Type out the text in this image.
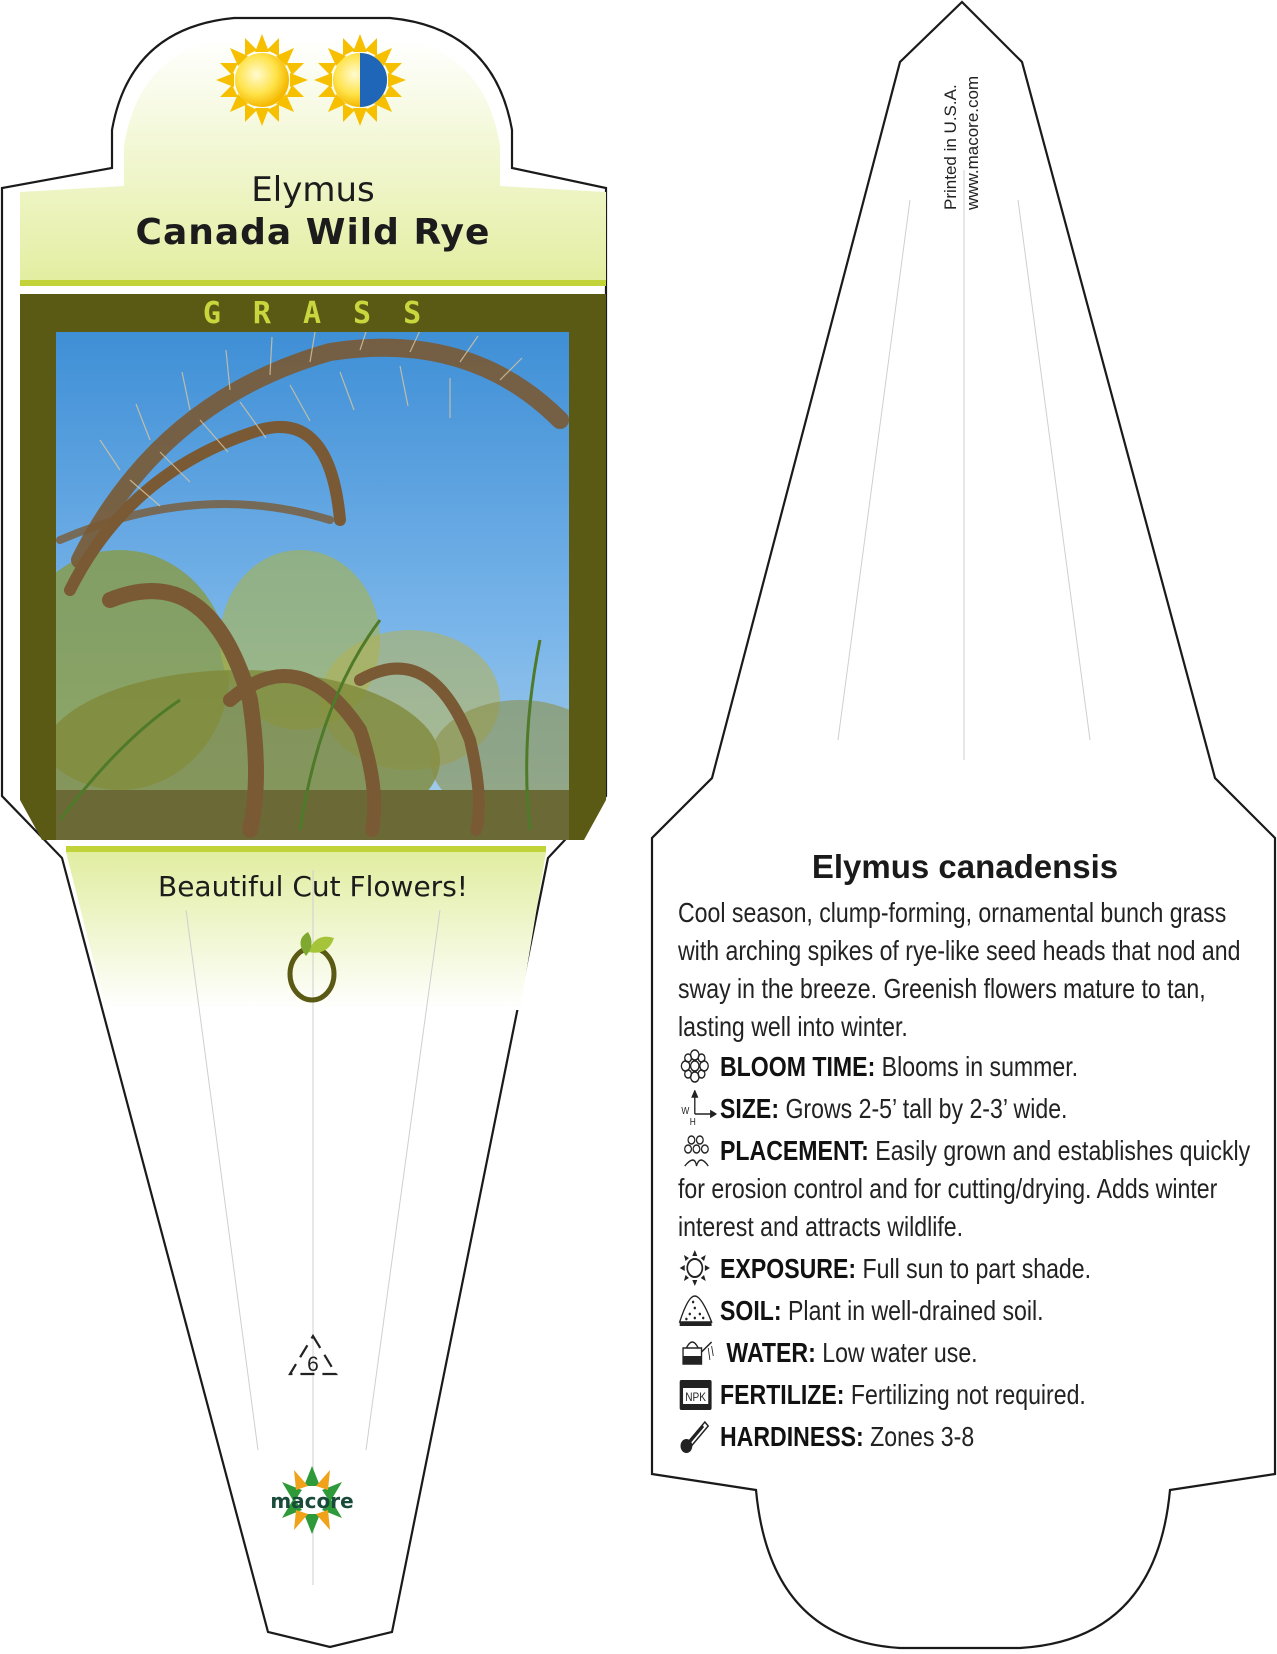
Elymus
Canada Wild Rye
GRASS
Beautiful Cut Flowers!
6
macore
Printed in U.S.A. www.macore.com
Elymus canadensis
Cool season, clump-forming, ornamental bunch grass with arching spikes of rye-like seed heads that nod and sway in the breeze. Greenish flowers mature to tan, lasting well into winter.
BLOOM TIME: Blooms in summer.
W
H SIZE: Grows 2-5’ tall by 2-3’ wide.
PLACEMENT: Easily grown and establishes quickly for erosion control and for cutting/drying. Adds winter interest and attracts wildlife.
EXPOSURE: Full sun to part shade.
SOIL: Plant in well-drained soil.
WATER: Low water use.
NPK FERTILIZE: Fertilizing not required.
HARDINESS: Zones 3-8
